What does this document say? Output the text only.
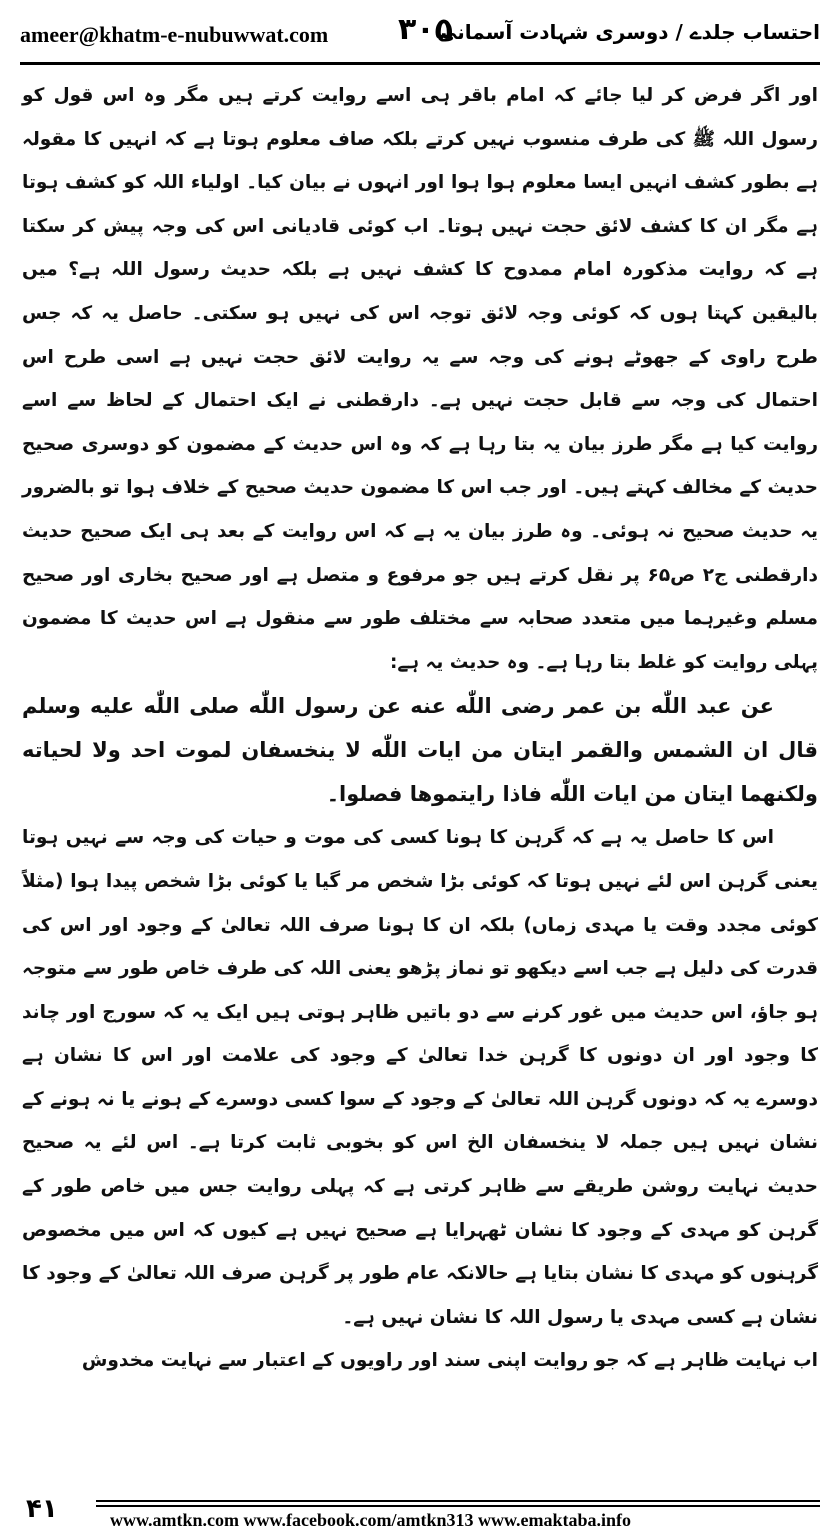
ameer@khatm-e-nubuwwat.com ۳۰۵
احتساب جلدے / دوسری شہادت آسمانی

اور اگر فرض کر لیا جائے کہ امام باقر ہی اسے روایت کرتے ہیں مگر وہ اس قول کو رسول اللہ ﷺ کی طرف منسوب نہیں کرتے بلکہ صاف معلوم ہوتا ہے کہ انہیں کا مقولہ ہے بطور کشف انہیں ایسا معلوم ہوا ہوا اور انہوں نے بیان کیا۔ اولیاء اللہ کو کشف ہوتا ہے مگر ان کا کشف لائق حجت نہیں ہوتا۔ اب کوئی قادیانی اس کی وجہ پیش کر سکتا ہے کہ روایت مذکورہ امام ممدوح کا کشف نہیں ہے بلکہ حدیث رسول اللہ ہے؟ میں بالیقین کہتا ہوں کہ کوئی وجہ لائق توجہ اس کی نہیں ہو سکتی۔ حاصل یہ کہ جس طرح راوی کے جھوٹے ہونے کی وجہ سے یہ روایت لائق حجت نہیں ہے اسی طرح اس احتمال کی وجہ سے قابل حجت نہیں ہے۔ دارقطنی نے ایک احتمال کے لحاظ سے اسے روایت کیا ہے مگر طرز بیان یہ بتا رہا ہے کہ وہ اس حدیث کے مضمون کو دوسری صحیح حدیث کے مخالف کہتے ہیں۔ اور جب اس کا مضمون حدیث صحیح کے خلاف ہوا تو بالضرور یہ حدیث صحیح نہ ہوئی۔ وہ طرز بیان یہ ہے کہ اس روایت کے بعد ہی ایک صحیح حدیث دارقطنی ج۲ ص۶۵ پر نقل کرتے ہیں جو مرفوع و متصل ہے اور صحیح بخاری اور صحیح مسلم وغیرہما میں متعدد صحابہ سے مختلف طور سے منقول ہے اس حدیث کا مضمون پہلی روایت کو غلط بتا رہا ہے۔ وہ حدیث یہ ہے:

عن عبد اللّٰه بن عمر رضی اللّٰه عنه عن رسول اللّٰه صلی اللّٰه علیه وسلم قال ان الشمس والقمر ایتان من ایات اللّٰه لا ینخسفان لموت احد ولا لحیاته ولکنهما ایتان من ایات اللّٰه فاذا رایتموها فصلوا۔

اس کا حاصل یہ ہے کہ گرہن کا ہونا کسی کی موت و حیات کی وجہ سے نہیں ہوتا یعنی گرہن اس لئے نہیں ہوتا کہ کوئی بڑا شخص مر گیا یا کوئی بڑا شخص پیدا ہوا (مثلاً کوئی مجدد وقت یا مہدی زماں) بلکہ ان کا ہونا صرف اللہ تعالیٰ کے وجود اور اس کی قدرت کی دلیل ہے جب اسے دیکھو تو نماز پڑھو یعنی اللہ کی طرف خاص طور سے متوجہ ہو جاؤ، اس حدیث میں غور کرنے سے دو باتیں ظاہر ہوتی ہیں ایک یہ کہ سورج اور چاند کا وجود اور ان دونوں کا گرہن خدا تعالیٰ کے وجود کی علامت اور اس کا نشان ہے دوسرے یہ کہ دونوں گرہن اللہ تعالیٰ کے وجود کے سوا کسی دوسرے کے ہونے یا نہ ہونے کے نشان نہیں ہیں جملہ لا ینخسفان الخ اس کو بخوبی ثابت کرتا ہے۔ اس لئے یہ صحیح حدیث نہایت روشن طریقے سے ظاہر کرتی ہے کہ پہلی روایت جس میں خاص طور کے گرہن کو مہدی کے وجود کا نشان ٹھہرایا ہے صحیح نہیں ہے کیوں کہ اس میں مخصوص گرہنوں کو مہدی کا نشان بتایا ہے حالانکہ عام طور پر گرہن صرف اللہ تعالیٰ کے وجود کا نشان ہے کسی مہدی یا رسول اللہ کا نشان نہیں ہے۔

اب نہایت ظاہر ہے کہ جو روایت اپنی سند اور راویوں کے اعتبار سے نہایت مخدوش

۴۱	www.amtkn.com www.facebook.com/amtkn313 www.emaktaba.info
